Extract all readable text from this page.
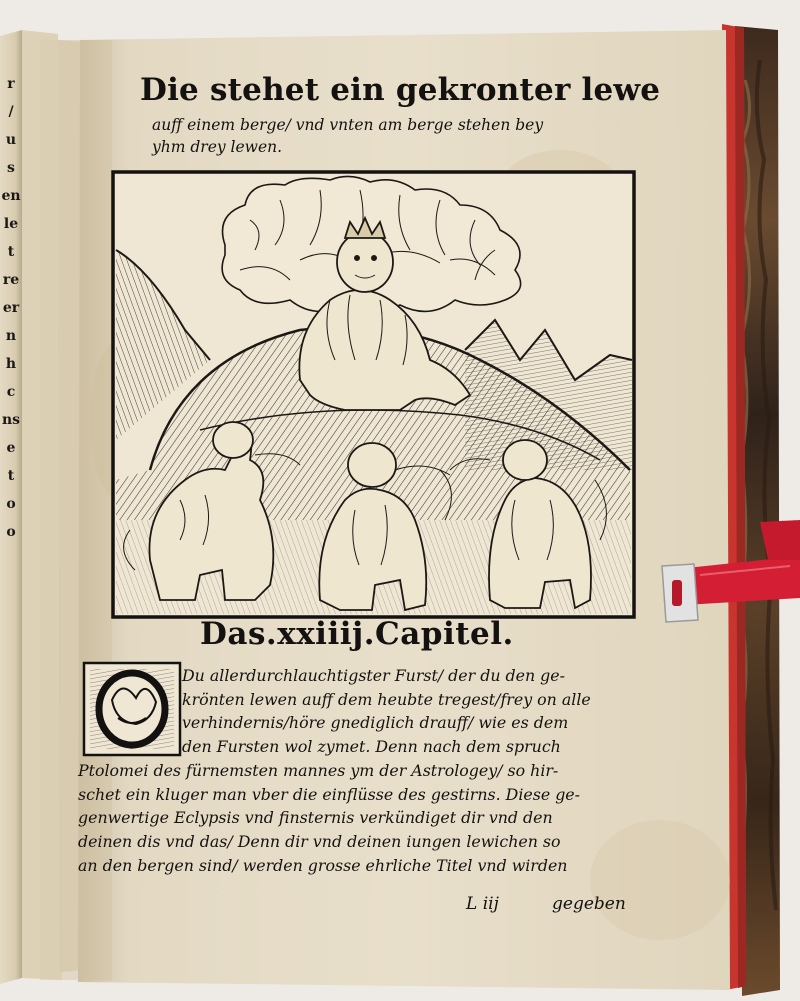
r
/
u
s
en
le
t
re
er
n
h
c
ns
e
t
o
o
Die stehet ein gekronter lewe
auff einem berge/ vnd vnten am berge stehen bey
yhm drey lewen.
Das.xxiiij.Capitel.
Du allerdurchlauchtigster Furst/ der du den ge-
krönten lewen auff dem heubte tregest/frey on alle
verhindernis/höre gnediglich drauff/ wie es dem
den Fursten wol zymet. Denn nach dem spruch
Ptolomei des fürnemsten mannes ym der Astrologey/ so hir-
schet ein kluger man vber die einflüsse des gestirns. Diese ge-
genwertige Eclypsis vnd finsternis verkündiget dir vnd den
deinen dis vnd das/ Denn dir vnd deinen iungen lewichen so
an den bergen sind/ werden grosse ehrliche Titel vnd wirden
L iij	gegeben
